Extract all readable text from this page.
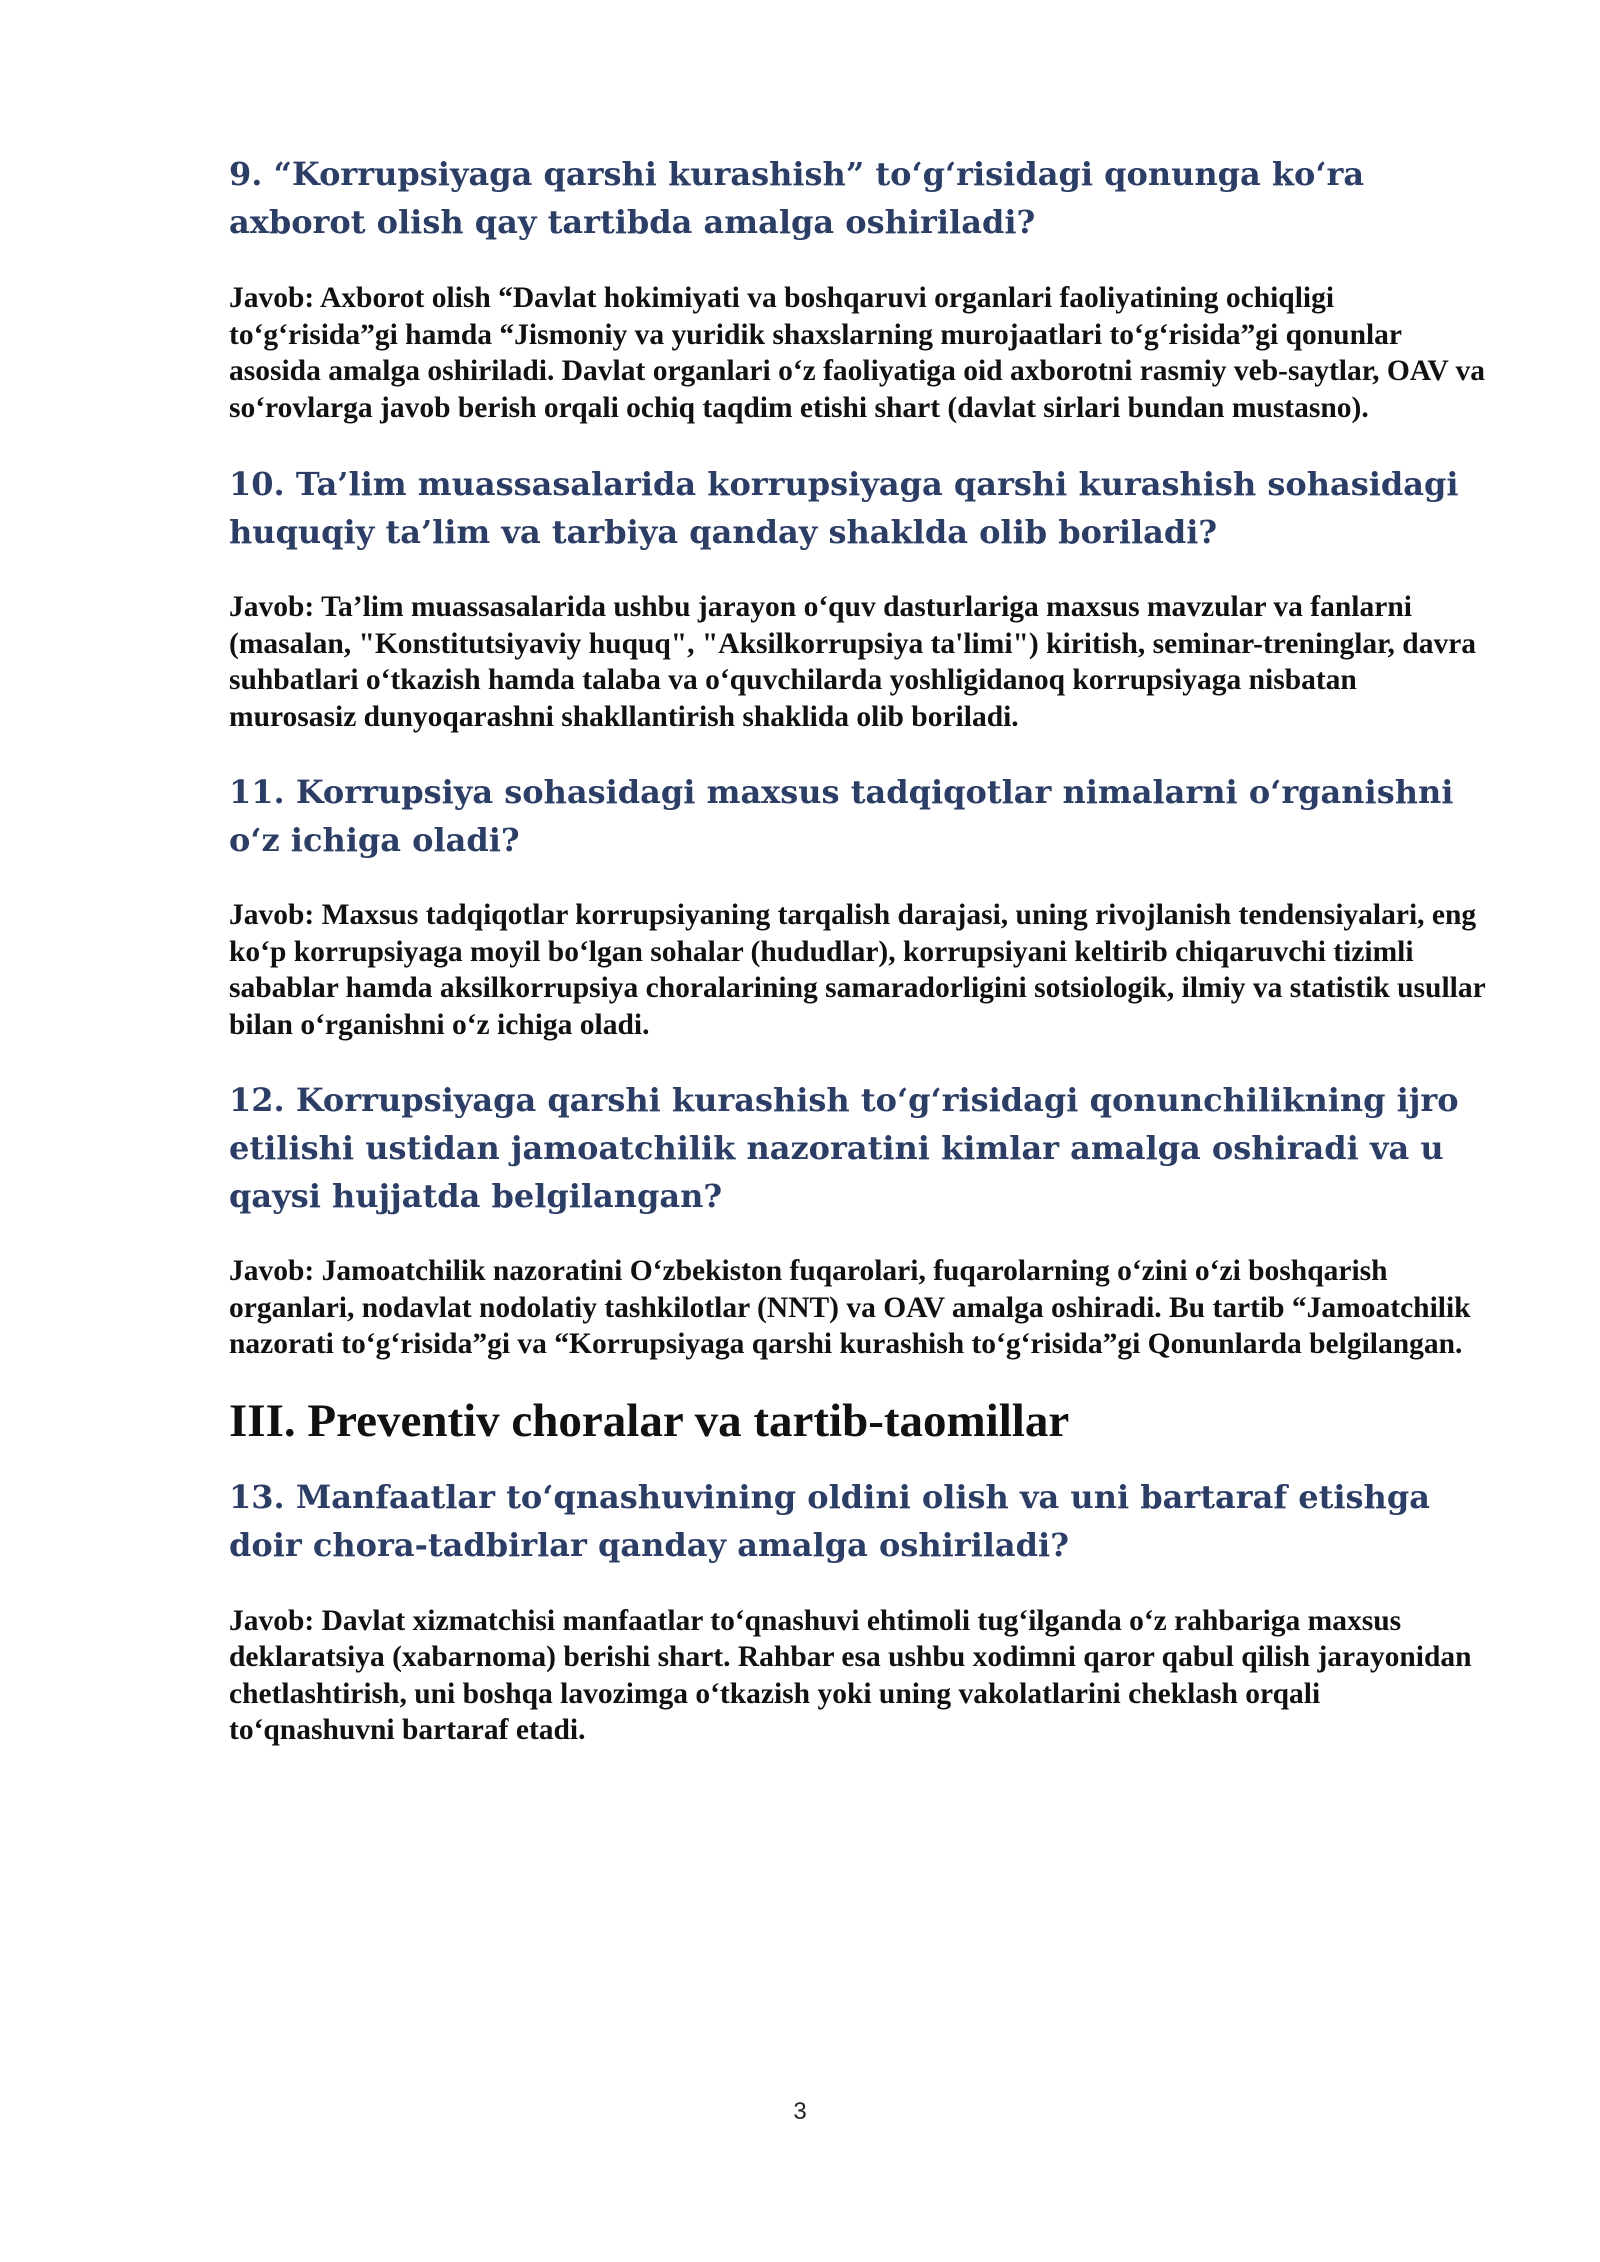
9. “Korrupsiyaga qarshi kurashish” to‘g‘risidagi qonunga ko‘ra axborot olish qay tartibda amalga oshiriladi?

Javob: Axborot olish “Davlat hokimiyati va boshqaruvi organlari faoliyatining ochiqligi to‘g‘risida”gi hamda “Jismoniy va yuridik shaxslarning murojaatlari to‘g‘risida”gi qonunlar asosida amalga oshiriladi. Davlat organlari o‘z faoliyatiga oid axborotni rasmiy veb-saytlar, OAV va so‘rovlarga javob berish orqali ochiq taqdim etishi shart (davlat sirlari bundan mustasno).

10. Ta’lim muassasalarida korrupsiyaga qarshi kurashish sohasidagi huquqiy ta’lim va tarbiya qanday shaklda olib boriladi?

Javob: Ta’lim muassasalarida ushbu jarayon o‘quv dasturlariga maxsus mavzular va fanlarni (masalan, "Konstitutsiyaviy huquq", "Aksilkorrupsiya ta'limi") kiritish, seminar-treninglar, davra suhbatlari o‘tkazish hamda talaba va o‘quvchilarda yoshligidanoq korrupsiyaga nisbatan murosasiz dunyoqarashni shakllantirish shaklida olib boriladi.

11. Korrupsiya sohasidagi maxsus tadqiqotlar nimalarni o‘rganishni o‘z ichiga oladi?

Javob: Maxsus tadqiqotlar korrupsiyaning tarqalish darajasi, uning rivojlanish tendensiyalari, eng ko‘p korrupsiyaga moyil bo‘lgan sohalar (hududlar), korrupsiyani keltirib chiqaruvchi tizimli sabablar hamda aksilkorrupsiya choralarining samaradorligini sotsiologik, ilmiy va statistik usullar bilan o‘rganishni o‘z ichiga oladi.

12. Korrupsiyaga qarshi kurashish to‘g‘risidagi qonunchilikning ijro etilishi ustidan jamoatchilik nazoratini kimlar amalga oshiradi va u qaysi hujjatda belgilangan?

Javob: Jamoatchilik nazoratini O‘zbekiston fuqarolari, fuqarolarning o‘zini o‘zi boshqarish organlari, nodavlat nodolatiy tashkilotlar (NNT) va OAV amalga oshiradi. Bu tartib “Jamoatchilik nazorati to‘g‘risida”gi va “Korrupsiyaga qarshi kurashish to‘g‘risida”gi Qonunlarda belgilangan.

III. Preventiv choralar va tartib-taomillar
13. Manfaatlar to‘qnashuvining oldini olish va uni bartaraf etishga doir chora-tadbirlar qanday amalga oshiriladi?

Javob: Davlat xizmatchisi manfaatlar to‘qnashuvi ehtimoli tug‘ilganda o‘z rahbariga maxsus deklaratsiya (xabarnoma) berishi shart. Rahbar esa ushbu xodimni qaror qabul qilish jarayonidan chetlashtirish, uni boshqa lavozimga o‘tkazish yoki uning vakolatlarini cheklash orqali to‘qnashuvni bartaraf etadi.

3
